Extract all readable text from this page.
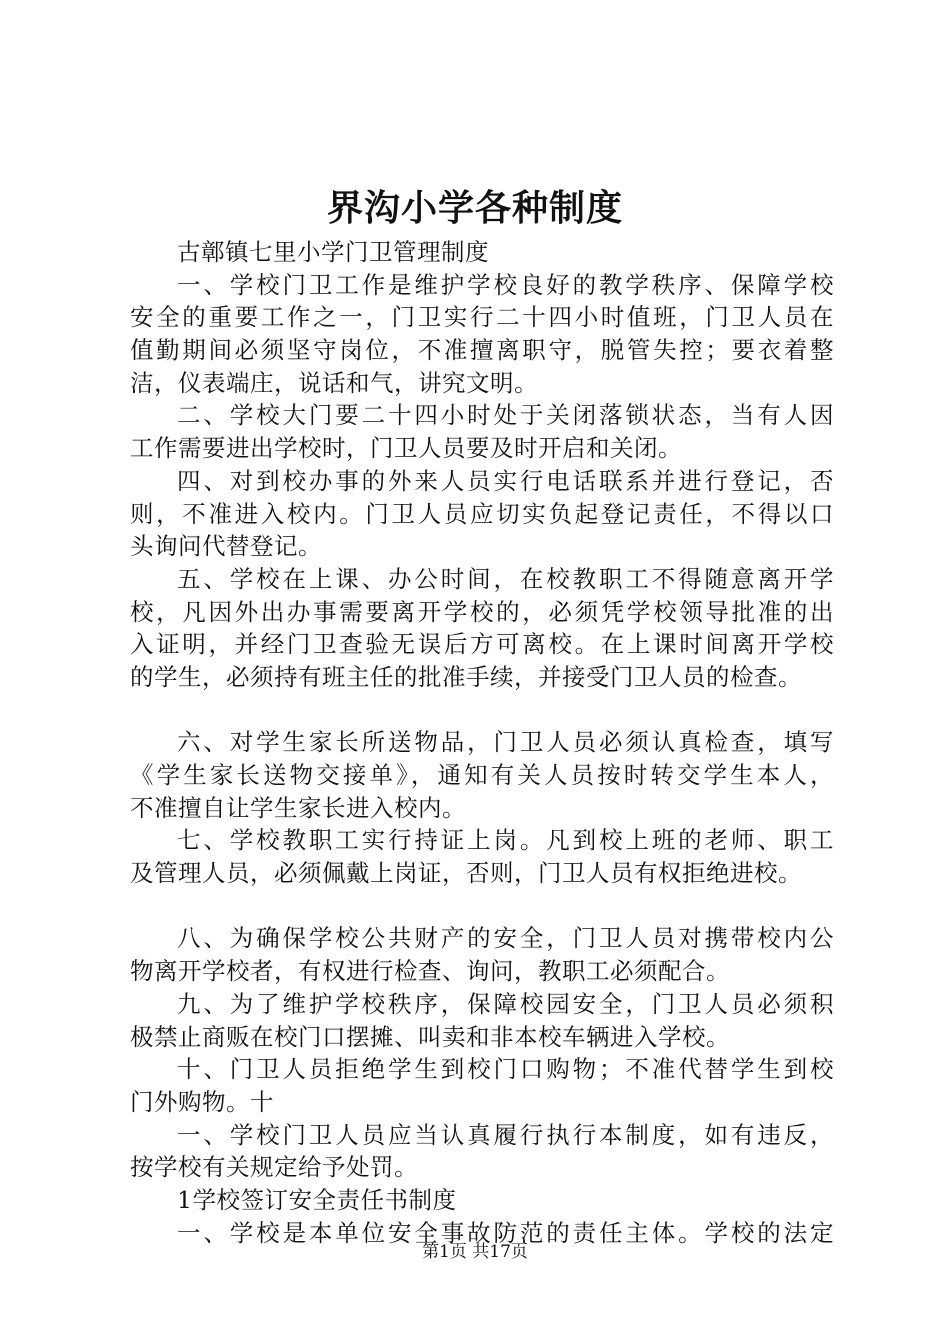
界沟小学各种制度
古鄣镇七里小学门卫管理制度
一、学校门卫工作是维护学校良好的教学秩序、保障学校
安全的重要工作之一，门卫实行二十四小时值班，门卫人员在
值勤期间必须坚守岗位，不准擅离职守，脱管失控；要衣着整
洁，仪表端庄，说话和气，讲究文明。
二、学校大门要二十四小时处于关闭落锁状态，当有人因
工作需要进出学校时，门卫人员要及时开启和关闭。
四、对到校办事的外来人员实行电话联系并进行登记，否
则，不准进入校内。门卫人员应切实负起登记责任，不得以口
头询问代替登记。
五、学校在上课、办公时间，在校教职工不得随意离开学
校，凡因外出办事需要离开学校的，必须凭学校领导批准的出
入证明，并经门卫查验无误后方可离校。在上课时间离开学校
的学生，必须持有班主任的批准手续，并接受门卫人员的检查。
六、对学生家长所送物品，门卫人员必须认真检查，填写
《学生家长送物交接单》，通知有关人员按时转交学生本人，
不准擅自让学生家长进入校内。
七、学校教职工实行持证上岗。凡到校上班的老师、职工
及管理人员，必须佩戴上岗证，否则，门卫人员有权拒绝进校。
八、为确保学校公共财产的安全，门卫人员对携带校内公
物离开学校者，有权进行检查、询问，教职工必须配合。
九、为了维护学校秩序，保障校园安全，门卫人员必须积
极禁止商贩在校门口摆摊、叫卖和非本校车辆进入学校。
十、门卫人员拒绝学生到校门口购物；不准代替学生到校
门外购物。十
一、学校门卫人员应当认真履行执行本制度，如有违反，
按学校有关规定给予处罚。
1学校签订安全责任书制度
一、学校是本单位安全事故防范的责任主体。学校的法定
第1页 共17页
